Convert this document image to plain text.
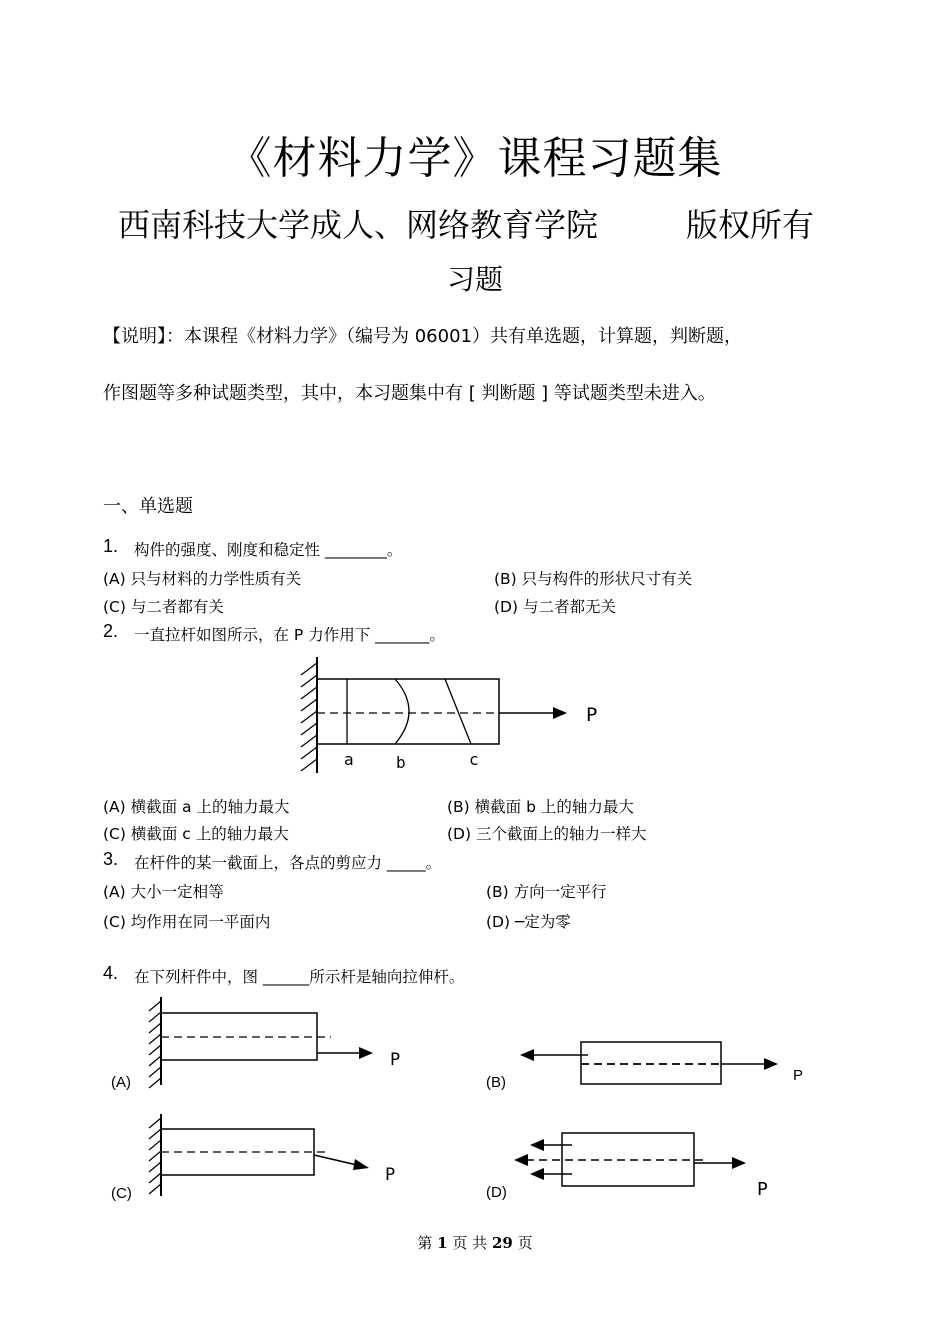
《材料力学》课程习题集
西南科技大学成人、网络教育学院	版权所有
习题
【说明】：本课程《材料力学》（编号为 06001）共有单选题，计算题，判断题，
作图题等多种试题类型，其中，本习题集中有 [ 判断题 ] 等试题类型未进入。
一、单选题
1. 构件的强度、刚度和稳定性 ________。
(A) 只与材料的力学性质有关	(B) 只与构件的形状尺寸有关
(C) 与二者都有关	(D) 与二者都无关
2. 一直拉杆如图所示，在 P 力作用下 _______。
P
a	b	c
(A) 横截面 a 上的轴力最大	(B) 横截面 b 上的轴力最大
(C) 横截面 c 上的轴力最大	(D) 三个截面上的轴力一样大
3. 在杆件的某一截面上，各点的剪应力 _____。
(A) 大小一定相等	(B) 方向一定平行
(C) 均作用在同一平面内	(D) ─定为零
4. 在下列杆件中，图 ______所示杆是轴向拉伸杆。
P
(A)	P
(B)
P
(C)	P
(D)
第 1 页 共 29 页
